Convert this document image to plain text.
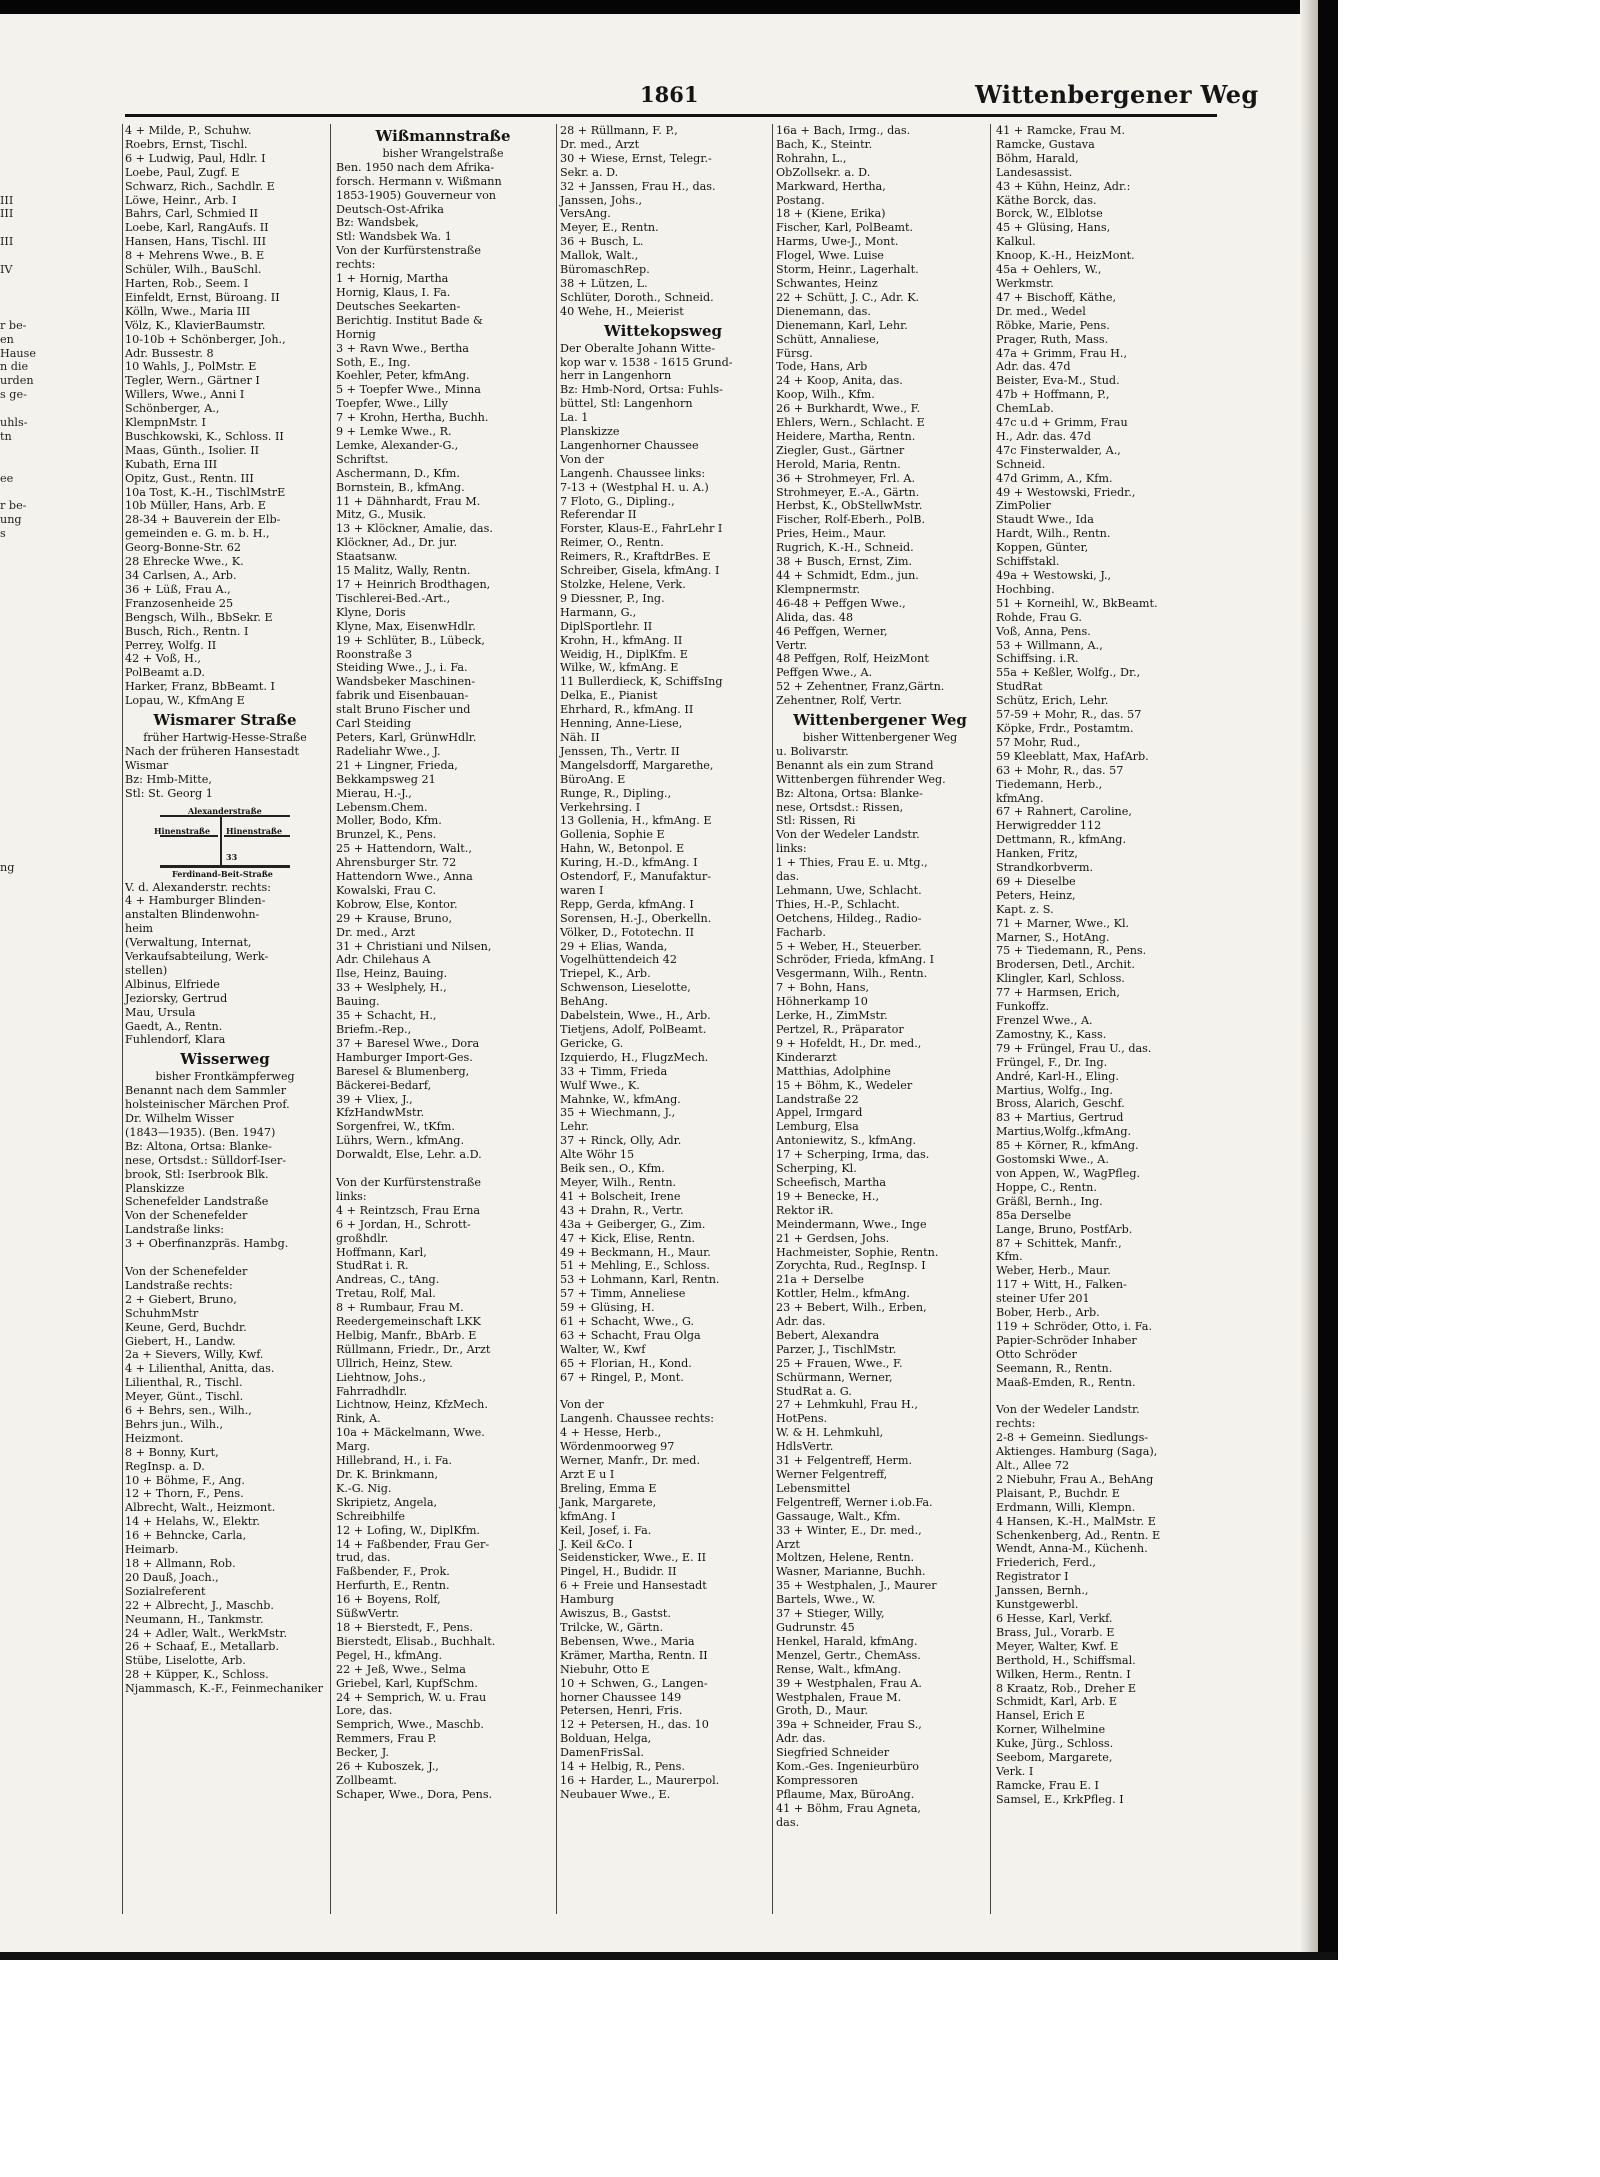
1861	Wittenbergener Weg

III
III

III

IV

r be-
en
Hause
n die
urden
s ge-

uhls-
tn

ee

r be-
ung
s

ng

4 + Milde, P., Schuhw.
Roebrs, Ernst, Tischl.
6 + Ludwig, Paul, Hdlr. I
Loebe, Paul, Zugf. E
Schwarz, Rich., Sachdlr. E
Löwe, Heinr., Arb. I
Bahrs, Carl, Schmied II
Loebe, Karl, RangAufs. II
Hansen, Hans, Tischl. III
8 + Mehrens Wwe., B. E
Schüler, Wilh., BauSchl.
Harten, Rob., Seem. I
Einfeldt, Ernst, Büroang. II
Kölln, Wwe., Maria III
Völz, K., KlavierBaumstr.
10-10b + Schönberger, Joh.,
Adr. Bussestr. 8
10 Wahls, J., PolMstr. E
Tegler, Wern., Gärtner I
Willers, Wwe., Anni I
Schönberger, A.,
KlempnMstr. I
Buschkowski, K., Schloss. II
Maas, Günth., Isolier. II
Kubath, Erna III
Opitz, Gust., Rentn. III
10a Tost, K.-H., TischlMstrE
10b Müller, Hans, Arb. E
28-34 + Bauverein der Elb-
gemeinden e. G. m. b. H.,
Georg-Bonne-Str. 62
28 Ehrecke Wwe., K.
34 Carlsen, A., Arb.
36 + Lüß, Frau A.,
Franzosenheide 25
Bengsch, Wilh., BbSekr. E
Busch, Rich., Rentn. I
Perrey, Wolfg. II
42 + Voß, H.,
PolBeamt a.D.
Harker, Franz, BbBeamt. I
Lopau, W., KfmAng E
Wismarer Straße
früher Hartwig-Hesse-Straße
Nach der früheren Hansestadt
Wismar
Bz: Hmb-Mitte,
Stl: St. Georg 1
Alexanderstraße
Hinenstraße Hinenstraße
Ferdinand-Beit-Straße
33
V. d. Alexanderstr. rechts:
4 + Hamburger Blinden-
anstalten Blindenwohn-
heim
(Verwaltung, Internat,
Verkaufsabteilung, Werk-
stellen)
Albinus, Elfriede
Jeziorsky, Gertrud
Mau, Ursula
Gaedt, A., Rentn.
Fuhlendorf, Klara
Wisserweg
bisher Frontkämpferweg
Benannt nach dem Sammler
holsteinischer Märchen Prof.
Dr. Wilhelm Wisser
(1843—1935). (Ben. 1947)
Bz: Altona, Ortsa: Blanke-
nese, Ortsdst.: Sülldorf-Iser-
brook, Stl: Iserbrook Blk.
Planskizze
Schenefelder Landstraße
Von der Schenefelder
Landstraße links:
3 + Oberfinanzpräs. Hambg.

Von der Schenefelder
Landstraße rechts:
2 + Giebert, Bruno,
SchuhmMstr
Keune, Gerd, Buchdr.
Giebert, H., Landw.
2a + Sievers, Willy, Kwf.
4 + Lilienthal, Anitta, das.
Lilienthal, R., Tischl.
Meyer, Günt., Tischl.
6 + Behrs, sen., Wilh.,
Behrs jun., Wilh.,
Heizmont.
8 + Bonny, Kurt,
RegInsp. a. D.
10 + Böhme, F., Ang.
12 + Thorn, F., Pens.
Albrecht, Walt., Heizmont.
14 + Helahs, W., Elektr.
16 + Behncke, Carla,
Heimarb.
18 + Allmann, Rob.
20 Dauß, Joach.,
Sozialreferent
22 + Albrecht, J., Maschb.
Neumann, H., Tankmstr.
24 + Adler, Walt., WerkMstr.
26 + Schaaf, E., Metallarb.
Stübe, Liselotte, Arb.
28 + Küpper, K., Schloss.
Njammasch, K.-F., Feinmechaniker
Wißmannstraße
bisher Wrangelstraße
Ben. 1950 nach dem Afrika-
forsch. Hermann v. Wißmann
1853-1905) Gouverneur von
Deutsch-Ost-Afrika
Bz: Wandsbek,
Stl: Wandsbek Wa. 1
Von der Kurfürstenstraße
rechts:
1 + Hornig, Martha
Hornig, Klaus, I. Fa.
Deutsches Seekarten-
Berichtig. Institut Bade &
Hornig
3 + Ravn Wwe., Bertha
Soth, E., Ing.
Koehler, Peter, kfmAng.
5 + Toepfer Wwe., Minna
Toepfer, Wwe., Lilly
7 + Krohn, Hertha, Buchh.
9 + Lemke Wwe., R.
Lemke, Alexander-G.,
Schriftst.
Aschermann, D., Kfm.
Bornstein, B., kfmAng.
11 + Dähnhardt, Frau M.
Mitz, G., Musik.
13 + Klöckner, Amalie, das.
Klöckner, Ad., Dr. jur.
Staatsanw.
15 Malitz, Wally, Rentn.
17 + Heinrich Brodthagen,
Tischlerei-Bed.-Art.,
Klyne, Doris
Klyne, Max, EisenwHdlr.
19 + Schlüter, B., Lübeck,
Roonstraße 3
Steiding Wwe., J., i. Fa.
Wandsbeker Maschinen-
fabrik und Eisenbauan-
stalt Bruno Fischer und
Carl Steiding
Peters, Karl, GrünwHdlr.
Radeliahr Wwe., J.
21 + Lingner, Frieda,
Bekkampsweg 21
Mierau, H.-J.,
Lebensm.Chem.
Moller, Bodo, Kfm.
Brunzel, K., Pens.
25 + Hattendorn, Walt.,
Ahrensburger Str. 72
Hattendorn Wwe., Anna
Kowalski, Frau C.
Kobrow, Else, Kontor.
29 + Krause, Bruno,
Dr. med., Arzt
31 + Christiani und Nilsen,
Adr. Chilehaus A
Ilse, Heinz, Bauing.
33 + Weslphely, H.,
Bauing.
35 + Schacht, H.,
Briefm.-Rep.,
37 + Baresel Wwe., Dora
Hamburger Import-Ges.
Baresel & Blumenberg,
Bäckerei-Bedarf,
39 + Vliex, J.,
KfzHandwMstr.
Sorgenfrei, W., tKfm.
Lührs, Wern., kfmAng.
Dorwaldt, Else, Lehr. a.D.

Von der Kurfürstenstraße
links:
4 + Reintzsch, Frau Erna
6 + Jordan, H., Schrott-
großhdlr.
Hoffmann, Karl,
StudRat i. R.
Andreas, C., tAng.
Tretau, Rolf, Mal.
8 + Rumbaur, Frau M.
Reedergemeinschaft LKK
Helbig, Manfr., BbArb. E
Rüllmann, Friedr., Dr., Arzt
Ullrich, Heinz, Stew.
Liehtnow, Johs.,
Fahrradhdlr.
Lichtnow, Heinz, KfzMech.
Rink, A.
10a + Mäckelmann, Wwe.
Marg.
Hillebrand, H., i. Fa.
Dr. K. Brinkmann,
K.-G. Nig.
Skripietz, Angela,
Schreibhilfe
12 + Lofing, W., DiplKfm.
14 + Faßbender, Frau Ger-
trud, das.
Faßbender, F., Prok.
Herfurth, E., Rentn.
16 + Boyens, Rolf,
SüßwVertr.
18 + Bierstedt, F., Pens.
Bierstedt, Elisab., Buchhalt.
Pegel, H., kfmAng.
22 + Jeß, Wwe., Selma
Griebel, Karl, KupfSchm.
24 + Semprich, W. u. Frau
Lore, das.
Semprich, Wwe., Maschb.
Remmers, Frau P.
Becker, J.
26 + Kuboszek, J.,
Zollbeamt.
Schaper, Wwe., Dora, Pens.
28 + Rüllmann, F. P.,
Dr. med., Arzt
30 + Wiese, Ernst, Telegr.-
Sekr. a. D.
32 + Janssen, Frau H., das.
Janssen, Johs.,
VersAng.
Meyer, E., Rentn.
36 + Busch, L.
Mallok, Walt.,
BüromaschRep.
38 + Lützen, L.
Schlüter, Doroth., Schneid.
40 Wehe, H., Meierist
Wittekopsweg
Der Oberalte Johann Witte-
kop war v. 1538 - 1615 Grund-
herr in Langenhorn
Bz: Hmb-Nord, Ortsa: Fuhls-
büttel, Stl: Langenhorn
La. 1
Planskizze
Langenhorner Chaussee
Von der
Langenh. Chaussee links:
7-13 + (Westphal H. u. A.)
7 Floto, G., Dipling.,
Referendar II
Forster, Klaus-E., FahrLehr I
Reimer, O., Rentn.
Reimers, R., KraftdrBes. E
Schreiber, Gisela, kfmAng. I
Stolzke, Helene, Verk.
9 Diessner, P., Ing.
Harmann, G.,
DiplSportlehr. II
Krohn, H., kfmAng. II
Weidig, H., DiplKfm. E
Wilke, W., kfmAng. E
11 Bullerdieck, K, SchiffsIng
Delka, E., Pianist
Ehrhard, R., kfmAng. II
Henning, Anne-Liese,
Näh. II
Jenssen, Th., Vertr. II
Mangelsdorff, Margarethe,
BüroAng. E
Runge, R., Dipling.,
Verkehrsing. I
13 Gollenia, H., kfmAng. E
Gollenia, Sophie E
Hahn, W., Betonpol. E
Kuring, H.-D., kfmAng. I
Ostendorf, F., Manufaktur-
waren I
Repp, Gerda, kfmAng. I
Sorensen, H.-J., Oberkelln.
Völker, D., Fototechn. II
29 + Elias, Wanda,
Vogelhüttendeich 42
Triepel, K., Arb.
Schwenson, Lieselotte,
BehAng.
Dabelstein, Wwe., H., Arb.
Tietjens, Adolf, PolBeamt.
Gericke, G.
Izquierdo, H., FlugzMech.
33 + Timm, Frieda
Wulf Wwe., K.
Mahnke, W., kfmAng.
35 + Wiechmann, J.,
Lehr.
37 + Rinck, Olly, Adr.
Alte Wöhr 15
Beik sen., O., Kfm.
Meyer, Wilh., Rentn.
41 + Bolscheit, Irene
43 + Drahn, R., Vertr.
43a + Geiberger, G., Zim.
47 + Kick, Elise, Rentn.
49 + Beckmann, H., Maur.
51 + Mehling, E., Schloss.
53 + Lohmann, Karl, Rentn.
57 + Timm, Anneliese
59 + Glüsing, H.
61 + Schacht, Wwe., G.
63 + Schacht, Frau Olga
Walter, W., Kwf
65 + Florian, H., Kond.
67 + Ringel, P., Mont.

Von der
Langenh. Chaussee rechts:
4 + Hesse, Herb.,
Wördenmoorweg 97
Werner, Manfr., Dr. med.
Arzt E u I
Breling, Emma E
Jank, Margarete,
kfmAng. I
Keil, Josef, i. Fa.
J. Keil &Co. I
Seidensticker, Wwe., E. II
Pingel, H., Budidr. II
6 + Freie und Hansestadt
Hamburg
Awiszus, B., Gastst.
Trilcke, W., Gärtn.
Bebensen, Wwe., Maria
Krämer, Martha, Rentn. II
Niebuhr, Otto E
10 + Schwen, G., Langen-
horner Chaussee 149
Petersen, Henri, Fris.
12 + Petersen, H., das. 10
Bolduan, Helga,
DamenFrisSal.
14 + Helbig, R., Pens.
16 + Harder, L., Maurerpol.
Neubauer Wwe., E.
16a + Bach, Irmg., das.
Bach, K., Steintr.
Rohrahn, L.,
ObZollsekr. a. D.
Markward, Hertha,
Postang.
18 + (Kiene, Erika)
Fischer, Karl, PolBeamt.
Harms, Uwe-J., Mont.
Flogel, Wwe. Luise
Storm, Heinr., Lagerhalt.
Schwantes, Heinz
22 + Schütt, J. C., Adr. K.
Dienemann, das.
Dienemann, Karl, Lehr.
Schütt, Annaliese,
Fürsg.
Tode, Hans, Arb
24 + Koop, Anita, das.
Koop, Wilh., Kfm.
26 + Burkhardt, Wwe., F.
Ehlers, Wern., Schlacht. E
Heidere, Martha, Rentn.
Ziegler, Gust., Gärtner
Herold, Maria, Rentn.
36 + Strohmeyer, Frl. A.
Strohmeyer, E.-A., Gärtn.
Herbst, K., ObStellwMstr.
Fischer, Rolf-Eberh., PolB.
Pries, Heim., Maur.
Rugrich, K.-H., Schneid.
38 + Busch, Ernst, Zim.
44 + Schmidt, Edm., jun.
Klempnermstr.
46-48 + Peffgen Wwe.,
Alida, das. 48
46 Peffgen, Werner,
Vertr.
48 Peffgen, Rolf, HeizMont
Peffgen Wwe., A.
52 + Zehentner, Franz,Gärtn.
Zehentner, Rolf, Vertr.
Wittenbergener Weg
bisher Wittenbergener Weg
u. Bolivarstr.
Benannt als ein zum Strand
Wittenbergen führender Weg.
Bz: Altona, Ortsa: Blanke-
nese, Ortsdst.: Rissen,
Stl: Rissen, Ri
Von der Wedeler Landstr.
links:
1 + Thies, Frau E. u. Mtg.,
das.
Lehmann, Uwe, Schlacht.
Thies, H.-P., Schlacht.
Oetchens, Hildeg., Radio-
Facharb.
5 + Weber, H., Steuerber.
Schröder, Frieda, kfmAng. I
Vesgermann, Wilh., Rentn.
7 + Bohn, Hans,
Höhnerkamp 10
Lerke, H., ZimMstr.
Pertzel, R., Präparator
9 + Hofeldt, H., Dr. med.,
Kinderarzt
Matthias, Adolphine
15 + Böhm, K., Wedeler
Landstraße 22
Appel, Irmgard
Lemburg, Elsa
Antoniewitz, S., kfmAng.
17 + Scherping, Irma, das.
Scherping, Kl.
Scheefisch, Martha
19 + Benecke, H.,
Rektor iR.
Meindermann, Wwe., Inge
21 + Gerdsen, Johs.
Hachmeister, Sophie, Rentn.
Zorychta, Rud., RegInsp. I
21a + Derselbe
Kottler, Helm., kfmAng.
23 + Bebert, Wilh., Erben,
Adr. das.
Bebert, Alexandra
Parzer, J., TischlMstr.
25 + Frauen, Wwe., F.
Schürmann, Werner,
StudRat a. G.
27 + Lehmkuhl, Frau H.,
HotPens.
W. & H. Lehmkuhl,
HdlsVertr.
31 + Felgentreff, Herm.
Werner Felgentreff,
Lebensmittel
Felgentreff, Werner i.ob.Fa.
Gassauge, Walt., Kfm.
33 + Winter, E., Dr. med.,
Arzt
Moltzen, Helene, Rentn.
Wasner, Marianne, Buchh.
35 + Westphalen, J., Maurer
Bartels, Wwe., W.
37 + Stieger, Willy,
Gudrunstr. 45
Henkel, Harald, kfmAng.
Menzel, Gertr., ChemAss.
Rense, Walt., kfmAng.
39 + Westphalen, Frau A.
Westphalen, Fraue M.
Groth, D., Maur.
39a + Schneider, Frau S.,
Adr. das.
Siegfried Schneider
Kom.-Ges. Ingenieurbüro
Kompressoren
Pflaume, Max, BüroAng.
41 + Böhm, Frau Agneta,
das.
41 + Ramcke, Frau M.
Ramcke, Gustava
Böhm, Harald,
Landesassist.
43 + Kühn, Heinz, Adr.:
Käthe Borck, das.
Borck, W., Elblotse
45 + Glüsing, Hans,
Kalkul.
Knoop, K.-H., HeizMont.
45a + Oehlers, W.,
Werkmstr.
47 + Bischoff, Käthe,
Dr. med., Wedel
Röbke, Marie, Pens.
Prager, Ruth, Mass.
47a + Grimm, Frau H.,
Adr. das. 47d
Beister, Eva-M., Stud.
47b + Hoffmann, P.,
ChemLab.
47c u.d + Grimm, Frau
H., Adr. das. 47d
47c Finsterwalder, A.,
Schneid.
47d Grimm, A., Kfm.
49 + Westowski, Friedr.,
ZimPolier
Staudt Wwe., Ida
Hardt, Wilh., Rentn.
Koppen, Günter,
Schiffstakl.
49a + Westowski, J.,
Hochbing.
51 + Korneihl, W., BkBeamt.
Rohde, Frau G.
Voß, Anna, Pens.
53 + Willmann, A.,
Schiffsing. i.R.
55a + Keßler, Wolfg., Dr.,
StudRat
Schütz, Erich, Lehr.
57-59 + Mohr, R., das. 57
Köpke, Frdr., Postamtm.
57 Mohr, Rud.,
59 Kleeblatt, Max, HafArb.
63 + Mohr, R., das. 57
Tiedemann, Herb.,
kfmAng.
67 + Rahnert, Caroline,
Herwigredder 112
Dettmann, R., kfmAng.
Hanken, Fritz,
Strandkorbverm.
69 + Dieselbe
Peters, Heinz,
Kapt. z. S.
71 + Marner, Wwe., Kl.
Marner, S., HotAng.
75 + Tiedemann, R., Pens.
Brodersen, Detl., Archit.
Klingler, Karl, Schloss.
77 + Harmsen, Erich,
Funkoffz.
Frenzel Wwe., A.
Zamostny, K., Kass.
79 + Früngel, Frau U., das.
Früngel, F., Dr. Ing.
André, Karl-H., Eling.
Martius, Wolfg., Ing.
Bross, Alarich, Geschf.
83 + Martius, Gertrud
Martius,Wolfg.,kfmAng.
85 + Körner, R., kfmAng.
Gostomski Wwe., A.
von Appen, W., WagPfleg.
Hoppe, C., Rentn.
Gräßl, Bernh., Ing.
85a Derselbe
Lange, Bruno, PostfArb.
87 + Schittek, Manfr.,
Kfm.
Weber, Herb., Maur.
117 + Witt, H., Falken-
steiner Ufer 201
Bober, Herb., Arb.
119 + Schröder, Otto, i. Fa.
Papier-Schröder Inhaber
Otto Schröder
Seemann, R., Rentn.
Maaß-Emden, R., Rentn.

Von der Wedeler Landstr.
rechts:
2-8 + Gemeinn. Siedlungs-
Aktienges. Hamburg (Saga),
Alt., Allee 72
2 Niebuhr, Frau A., BehAng
Plaisant, P., Buchdr. E
Erdmann, Willi, Klempn.
4 Hansen, K.-H., MalMstr. E
Schenkenberg, Ad., Rentn. E
Wendt, Anna-M., Küchenh.
Friederich, Ferd.,
Registrator I
Janssen, Bernh.,
Kunstgewerbl.
6 Hesse, Karl, Verkf.
Brass, Jul., Vorarb. E
Meyer, Walter, Kwf. E
Berthold, H., Schiffsmal.
Wilken, Herm., Rentn. I
8 Kraatz, Rob., Dreher E
Schmidt, Karl, Arb. E
Hansel, Erich E
Korner, Wilhelmine
Kuke, Jürg., Schloss.
Seebom, Margarete,
Verk. I
Ramcke, Frau E. I
Samsel, E., KrkPfleg. I
